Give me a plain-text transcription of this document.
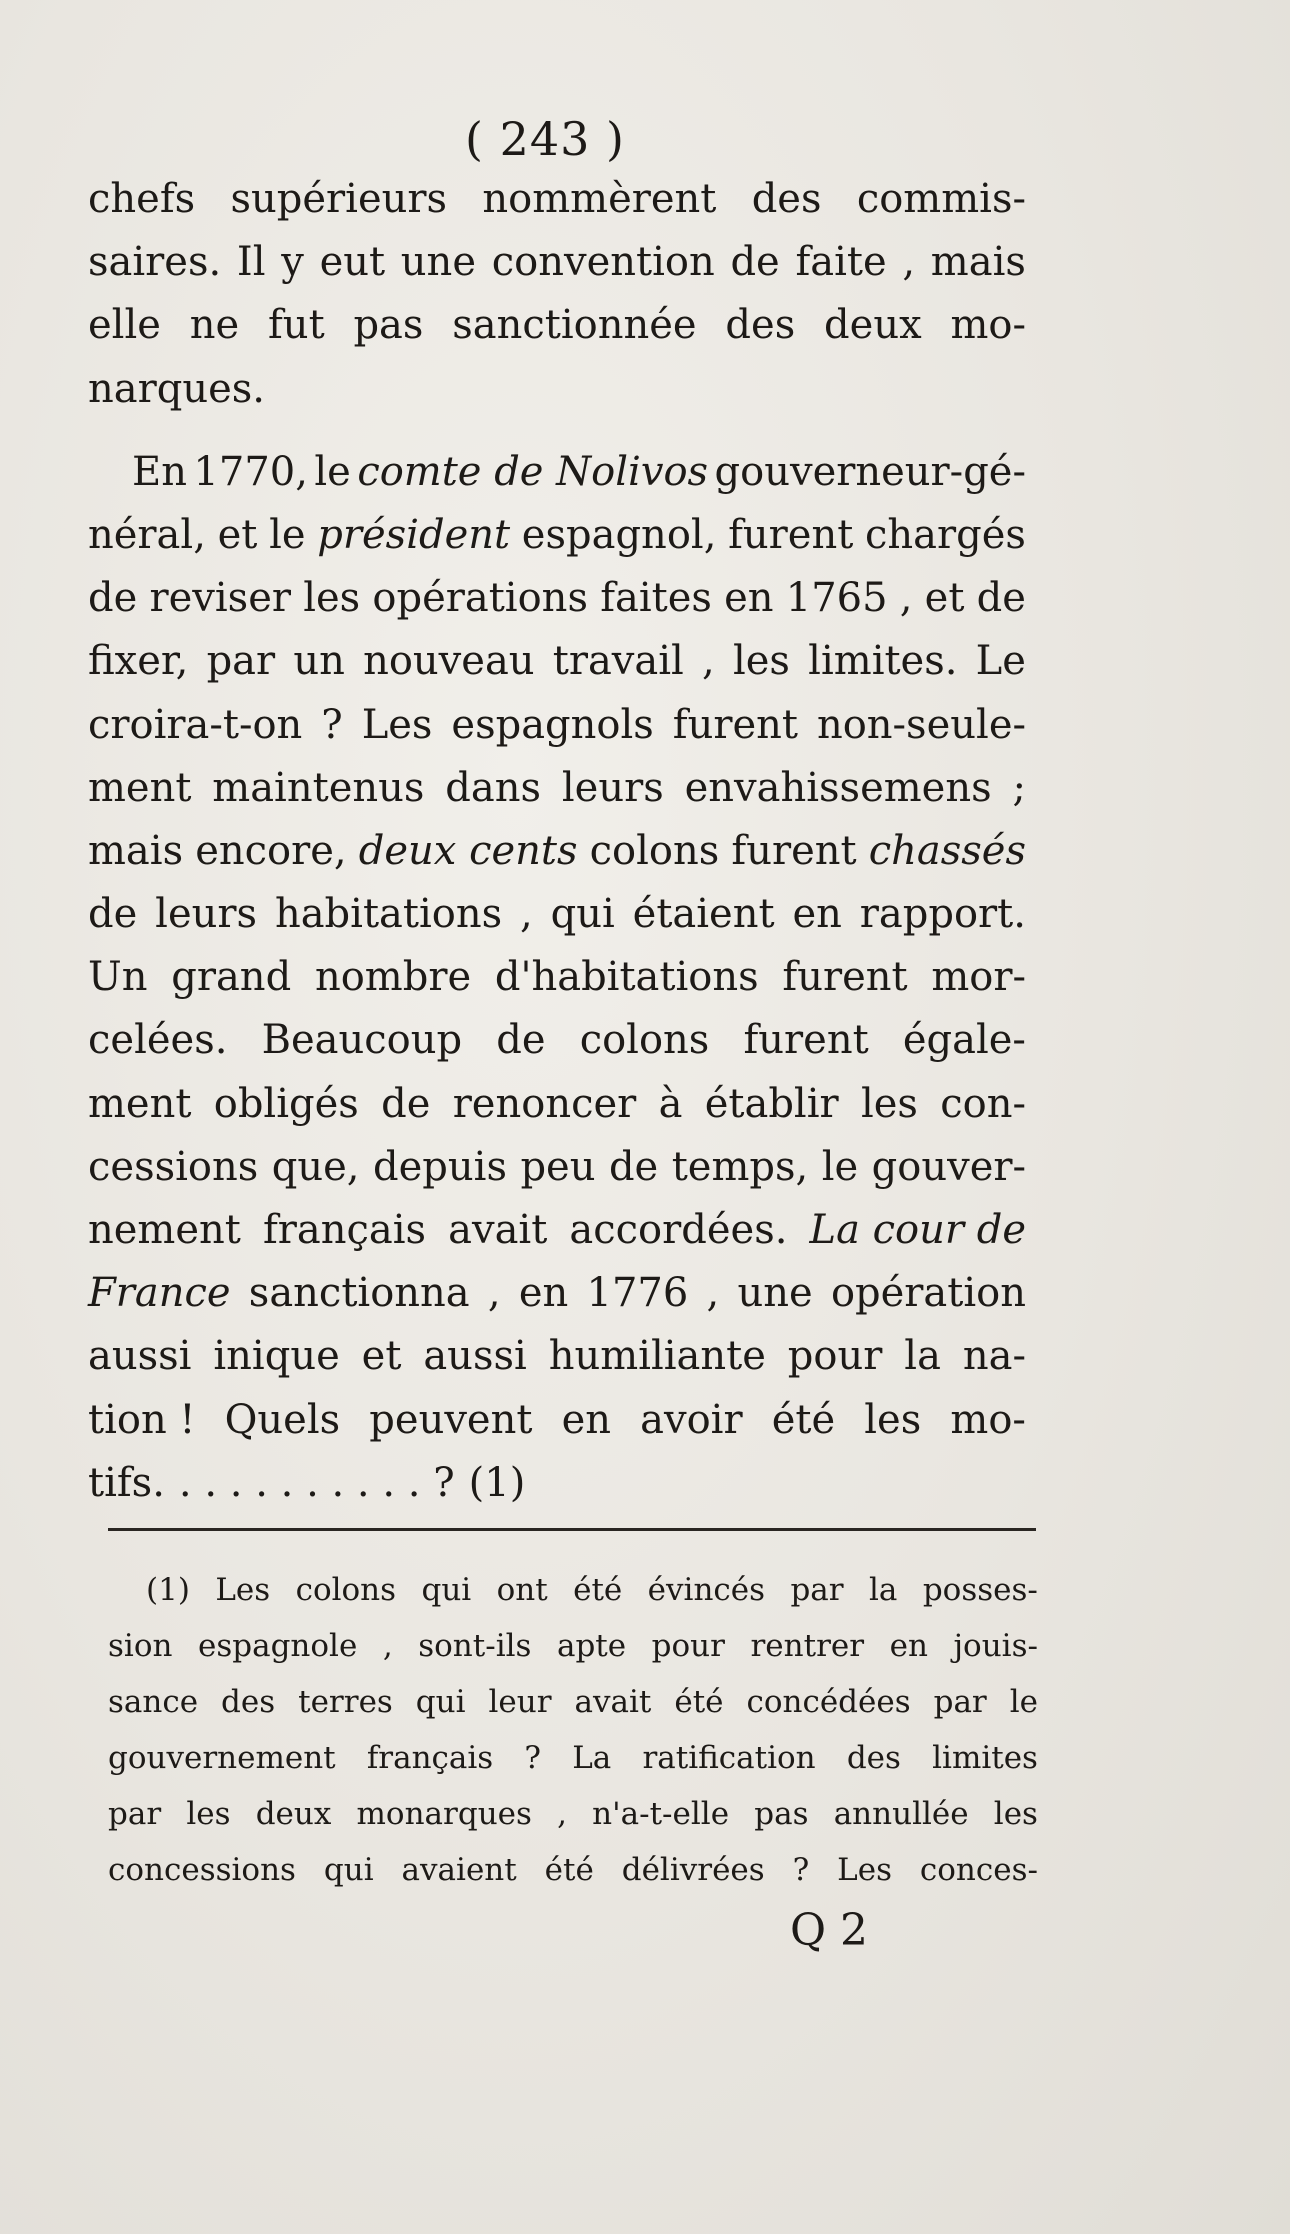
( 243 )
chefs supérieurs nommèrent des commis-
saires. Il y eut une convention de faite , mais
elle ne fut pas sanctionnée des deux mo-
narques.
En 1770, le comte de Nolivos gouverneur-gé-
néral, et le président espagnol, furent chargés
de reviser les opérations faites en 1765 , et de
fixer, par un nouveau travail , les limites. Le
croira-t-on ? Les espagnols furent non-seule-
ment maintenus dans leurs envahissemens ;
mais encore, deux cents colons furent chassés
de leurs habitations , qui étaient en rapport.
Un grand nombre d'habitations furent mor-
celées. Beaucoup de colons furent égale-
ment obligés de renoncer à établir les con-
cessions que, depuis peu de temps, le gouver-
nement français avait accordées. La cour de
France sanctionna , en 1776 , une opération
aussi inique et aussi humiliante pour la na-
tion ! Quels peuvent en avoir été les mo-
tifs. . . . . . . . . . . ? (1)
(1) Les colons qui ont été évincés par la posses-
sion espagnole , sont-ils apte pour rentrer en jouis-
sance des terres qui leur avait été concédées par le
gouvernement français ? La ratification des limites
par les deux monarques , n'a-t-elle pas annullée les
concessions qui avaient été délivrées ? Les conces-
Q 2
